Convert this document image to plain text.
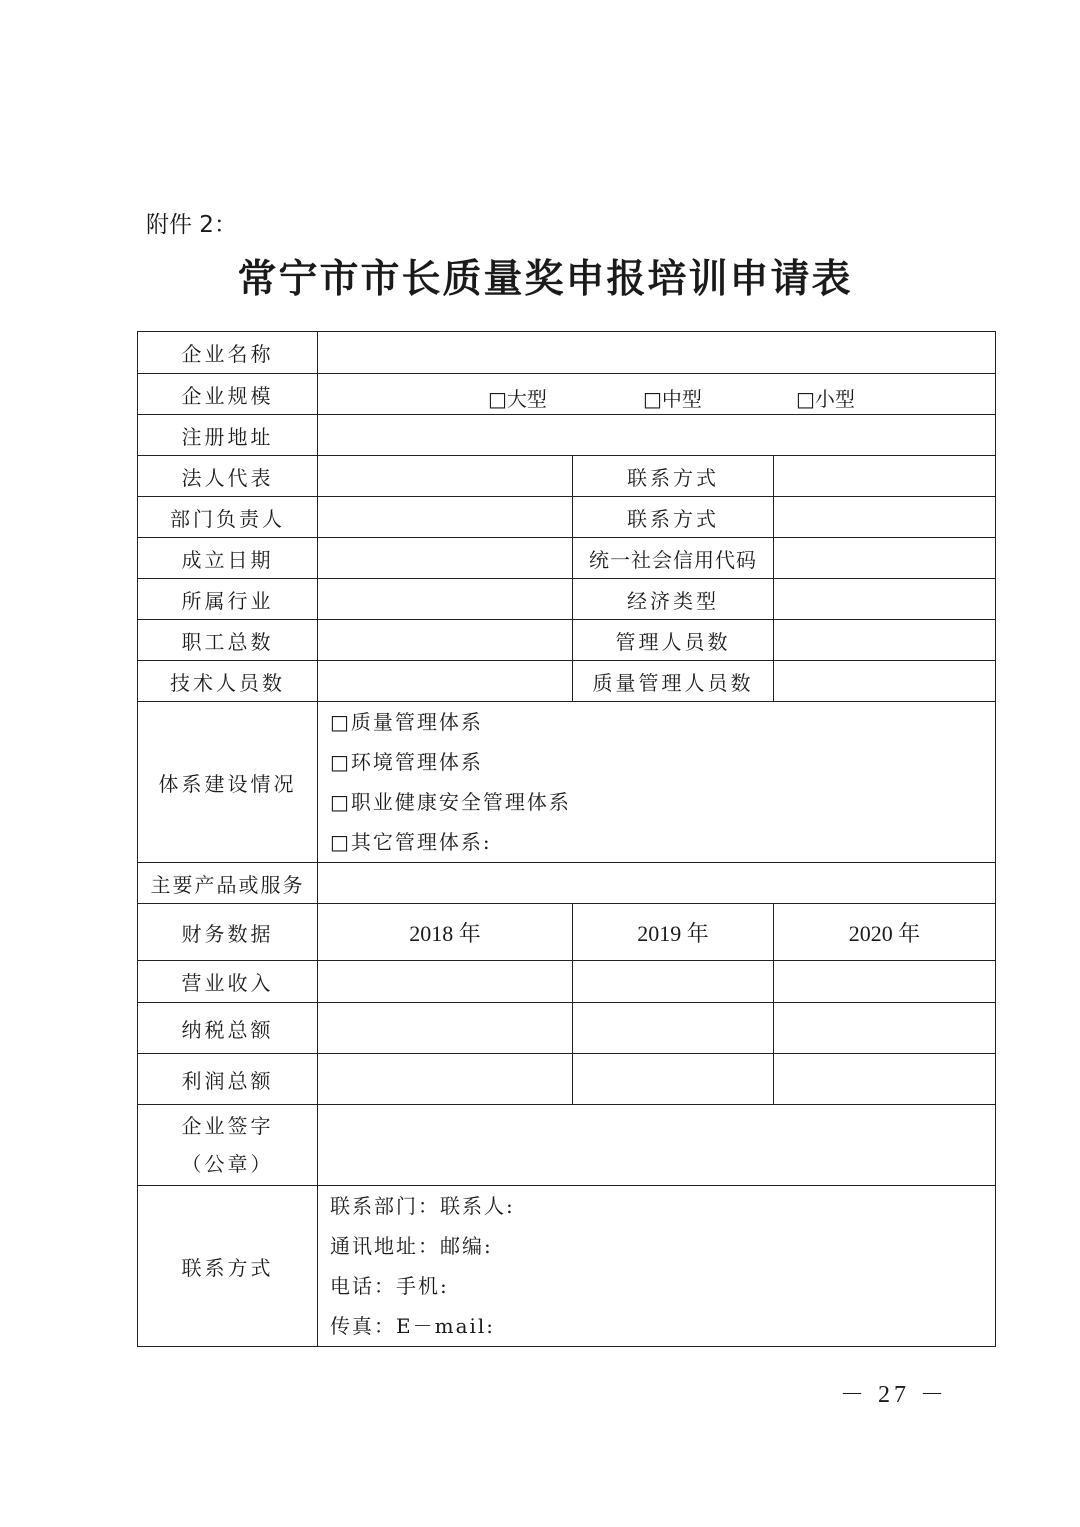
附件 2：
常宁市市长质量奖申报培训申请表
企业名称			
企业规模	□大型 □中型 □小型		

注册地址			
法人代表		联系方式	
部门负责人		联系方式	
成立日期		统一社会信用代码	
所属行业		经济类型	
职工总数		管理人员数	
技术人员数		质量管理人员数	
体系建设情况	□质量管理体系
□环境管理体系
□职业健康安全管理体系
□其它管理体系:		

主要产品或服务			
财务数据	2018 年	2019 年	2020 年
营业收入			
纳税总额			
利润总额			

企业签字
（公章）			

联系方式	联系部门：联系人:
通讯地址：邮编:
电话：手机:
传真：E－mail:		
－ 27 －
